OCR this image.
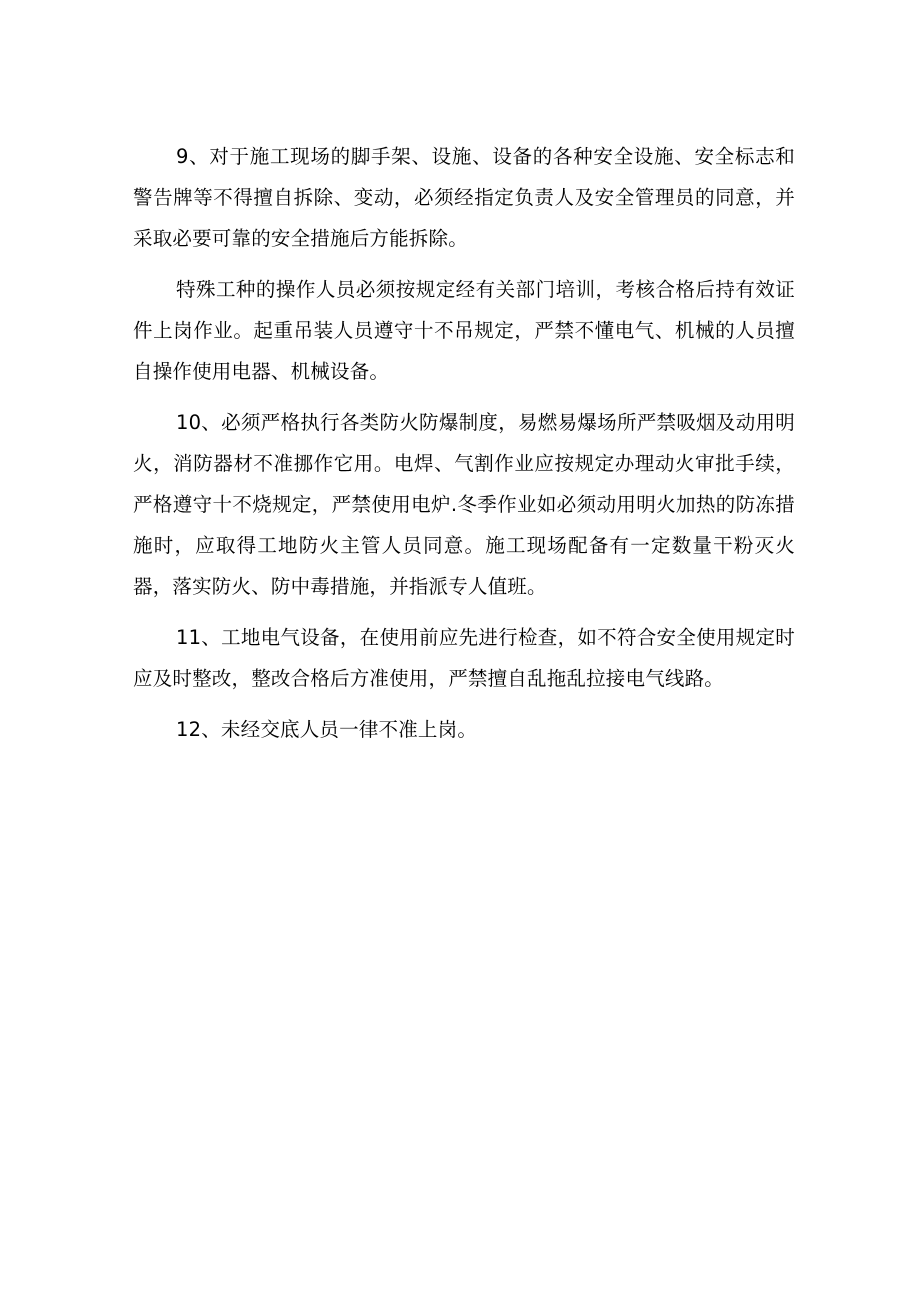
9、对于施工现场的脚手架、设施、设备的各种安全设施、安全标志和警告牌等不得擅自拆除、变动，必须经指定负责人及安全管理员的同意，并采取必要可靠的安全措施后方能拆除。

特殊工种的操作人员必须按规定经有关部门培训，考核合格后持有效证件上岗作业。起重吊装人员遵守十不吊规定，严禁不懂电气、机械的人员擅自操作使用电器、机械设备。

10、必须严格执行各类防火防爆制度，易燃易爆场所严禁吸烟及动用明火，消防器材不准挪作它用。电焊、气割作业应按规定办理动火审批手续，严格遵守十不烧规定，严禁使用电炉.冬季作业如必须动用明火加热的防冻措施时，应取得工地防火主管人员同意。施工现场配备有一定数量干粉灭火器，落实防火、防中毒措施，并指派专人值班。

11、工地电气设备，在使用前应先进行检查，如不符合安全使用规定时应及时整改，整改合格后方准使用，严禁擅自乱拖乱拉接电气线路。

12、未经交底人员一律不准上岗。
